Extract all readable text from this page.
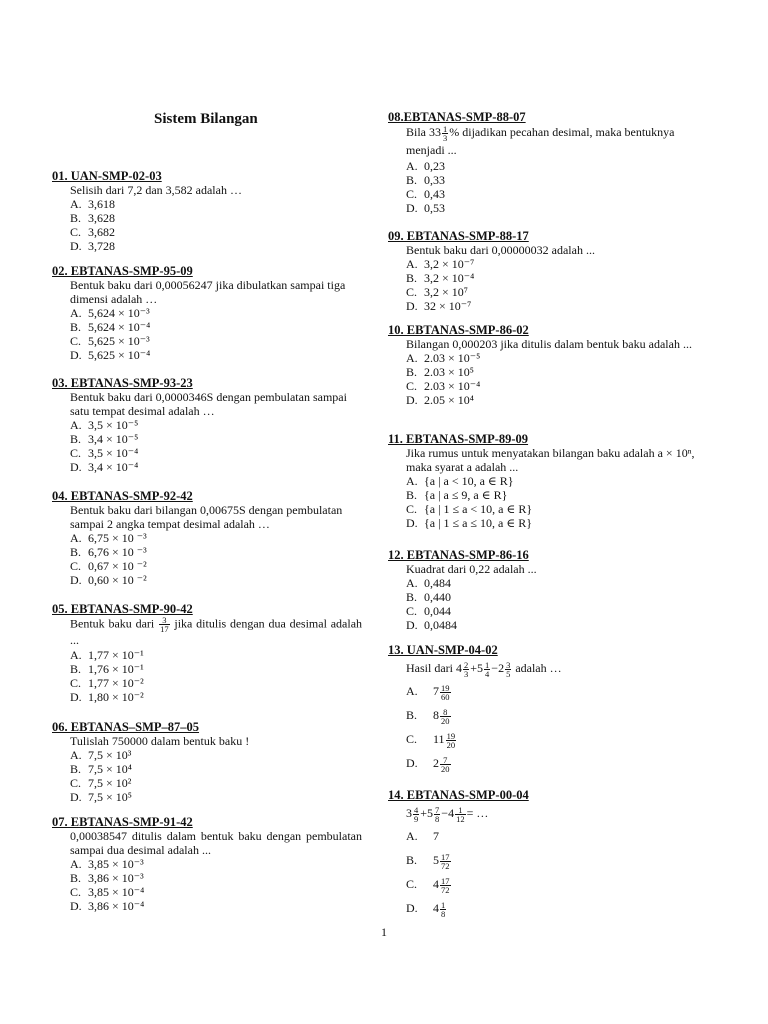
Sistem Bilangan
01. UAN-SMP-02-03
Selisih dari 7,2 dan 3,582 adalah …
A. 3,618
B. 3,628
C. 3,682
D. 3,728
02. EBTANAS-SMP-95-09
Bentuk baku dari 0,00056247 jika dibulatkan sampai tiga dimensi adalah …
A. 5,624 × 10⁻³
B. 5,624 × 10⁻⁴
C. 5,625 × 10⁻³
D. 5,625 × 10⁻⁴
03. EBTANAS-SMP-93-23
Bentuk baku dari 0,0000346S dengan pembulatan sampai satu tempat desimal adalah …
A. 3,5 × 10⁻⁵
B. 3,4 × 10⁻⁵
C. 3,5 × 10⁻⁴
D. 3,4 × 10⁻⁴
04. EBTANAS-SMP-92-42
Bentuk baku dari bilangan 0,00675S dengan pembulatan sampai 2 angka tempat desimal adalah …
A. 6,75 × 10 ⁻³
B. 6,76 × 10 ⁻³
C. 0,67 × 10 ⁻²
D. 0,60 × 10 ⁻²
05. EBTANAS-SMP-90-42
Bentuk baku dari $\frac{3}{17}$ jika ditulis dengan dua desimal adalah ...
A. 1,77 × 10⁻¹
B. 1,76 × 10⁻¹
C. 1,77 × 10⁻²
D. 1,80 × 10⁻²
06. EBTANAS–SMP–87–05
Tulislah 750000 dalam bentuk baku !
A. 7,5 × 10³
B. 7,5 × 10⁴
C. 7,5 × 10²
D. 7,5 × 10⁵
07. EBTANAS-SMP-91-42
0,00038547 ditulis dalam bentuk baku dengan pembulatan sampai dua desimal adalah ...
A. 3,85 × 10⁻³
B. 3,86 × 10⁻³
C. 3,85 × 10⁻⁴
D. 3,86 × 10⁻⁴
08.EBTANAS-SMP-88-07
Bila $33 \frac{1}{3}$ % dijadikan pecahan desimal, maka bentuknya menjadi ...
A. 0,23
B. 0,33
C. 0,43
D. 0,53
09. EBTANAS-SMP-88-17
Bentuk baku dari 0,00000032 adalah ...
A. 3,2 × 10⁻⁷
B. 3,2 × 10⁻⁴
C. 3,2 × 10⁷
D. 32 × 10⁻⁷
10. EBTANAS-SMP-86-02
Bilangan 0,000203 jika ditulis dalam bentuk baku adalah ...
A. 2.03 × 10⁻⁵
B. 2.03 × 10⁵
C. 2.03 × 10⁻⁴
D. 2.05 × 10⁴
11. EBTANAS-SMP-89-09
Jika rumus untuk menyatakan bilangan baku adalah a × 10ⁿ, maka syarat a adalah ...
A. {a | a < 10, a ∈ R}
B. {a | a ≤ 9, a ∈ R}
C. {a | 1 ≤ a < 10, a ∈ R}
D. {a | 1 ≤ a ≤ 10, a ∈ R}
12. EBTANAS-SMP-86-16
Kuadrat dari 0,22 adalah ...
A. 0,484
B. 0,440
C. 0,044
D. 0,0484
13. UAN-SMP-04-02
Hasil dari $4 \frac{2}{3} +5 \frac{1}{4} -2 \frac{3}{5}$ adalah …
A. $7 \frac{19}{60}$
B. $8 \frac{8}{20}$
C. $11 \frac{19}{20}$
D. $2 \frac{7}{20}$
14. EBTANAS-SMP-00-04
$3 \frac{4}{9} +5 \frac{7}{8} -4 \frac{1}{12}$ = …
A. 7
B. $5 \frac{17}{72}$
C. $4 \frac{17}{72}$
D. $4 \frac{1}{8}$
1
